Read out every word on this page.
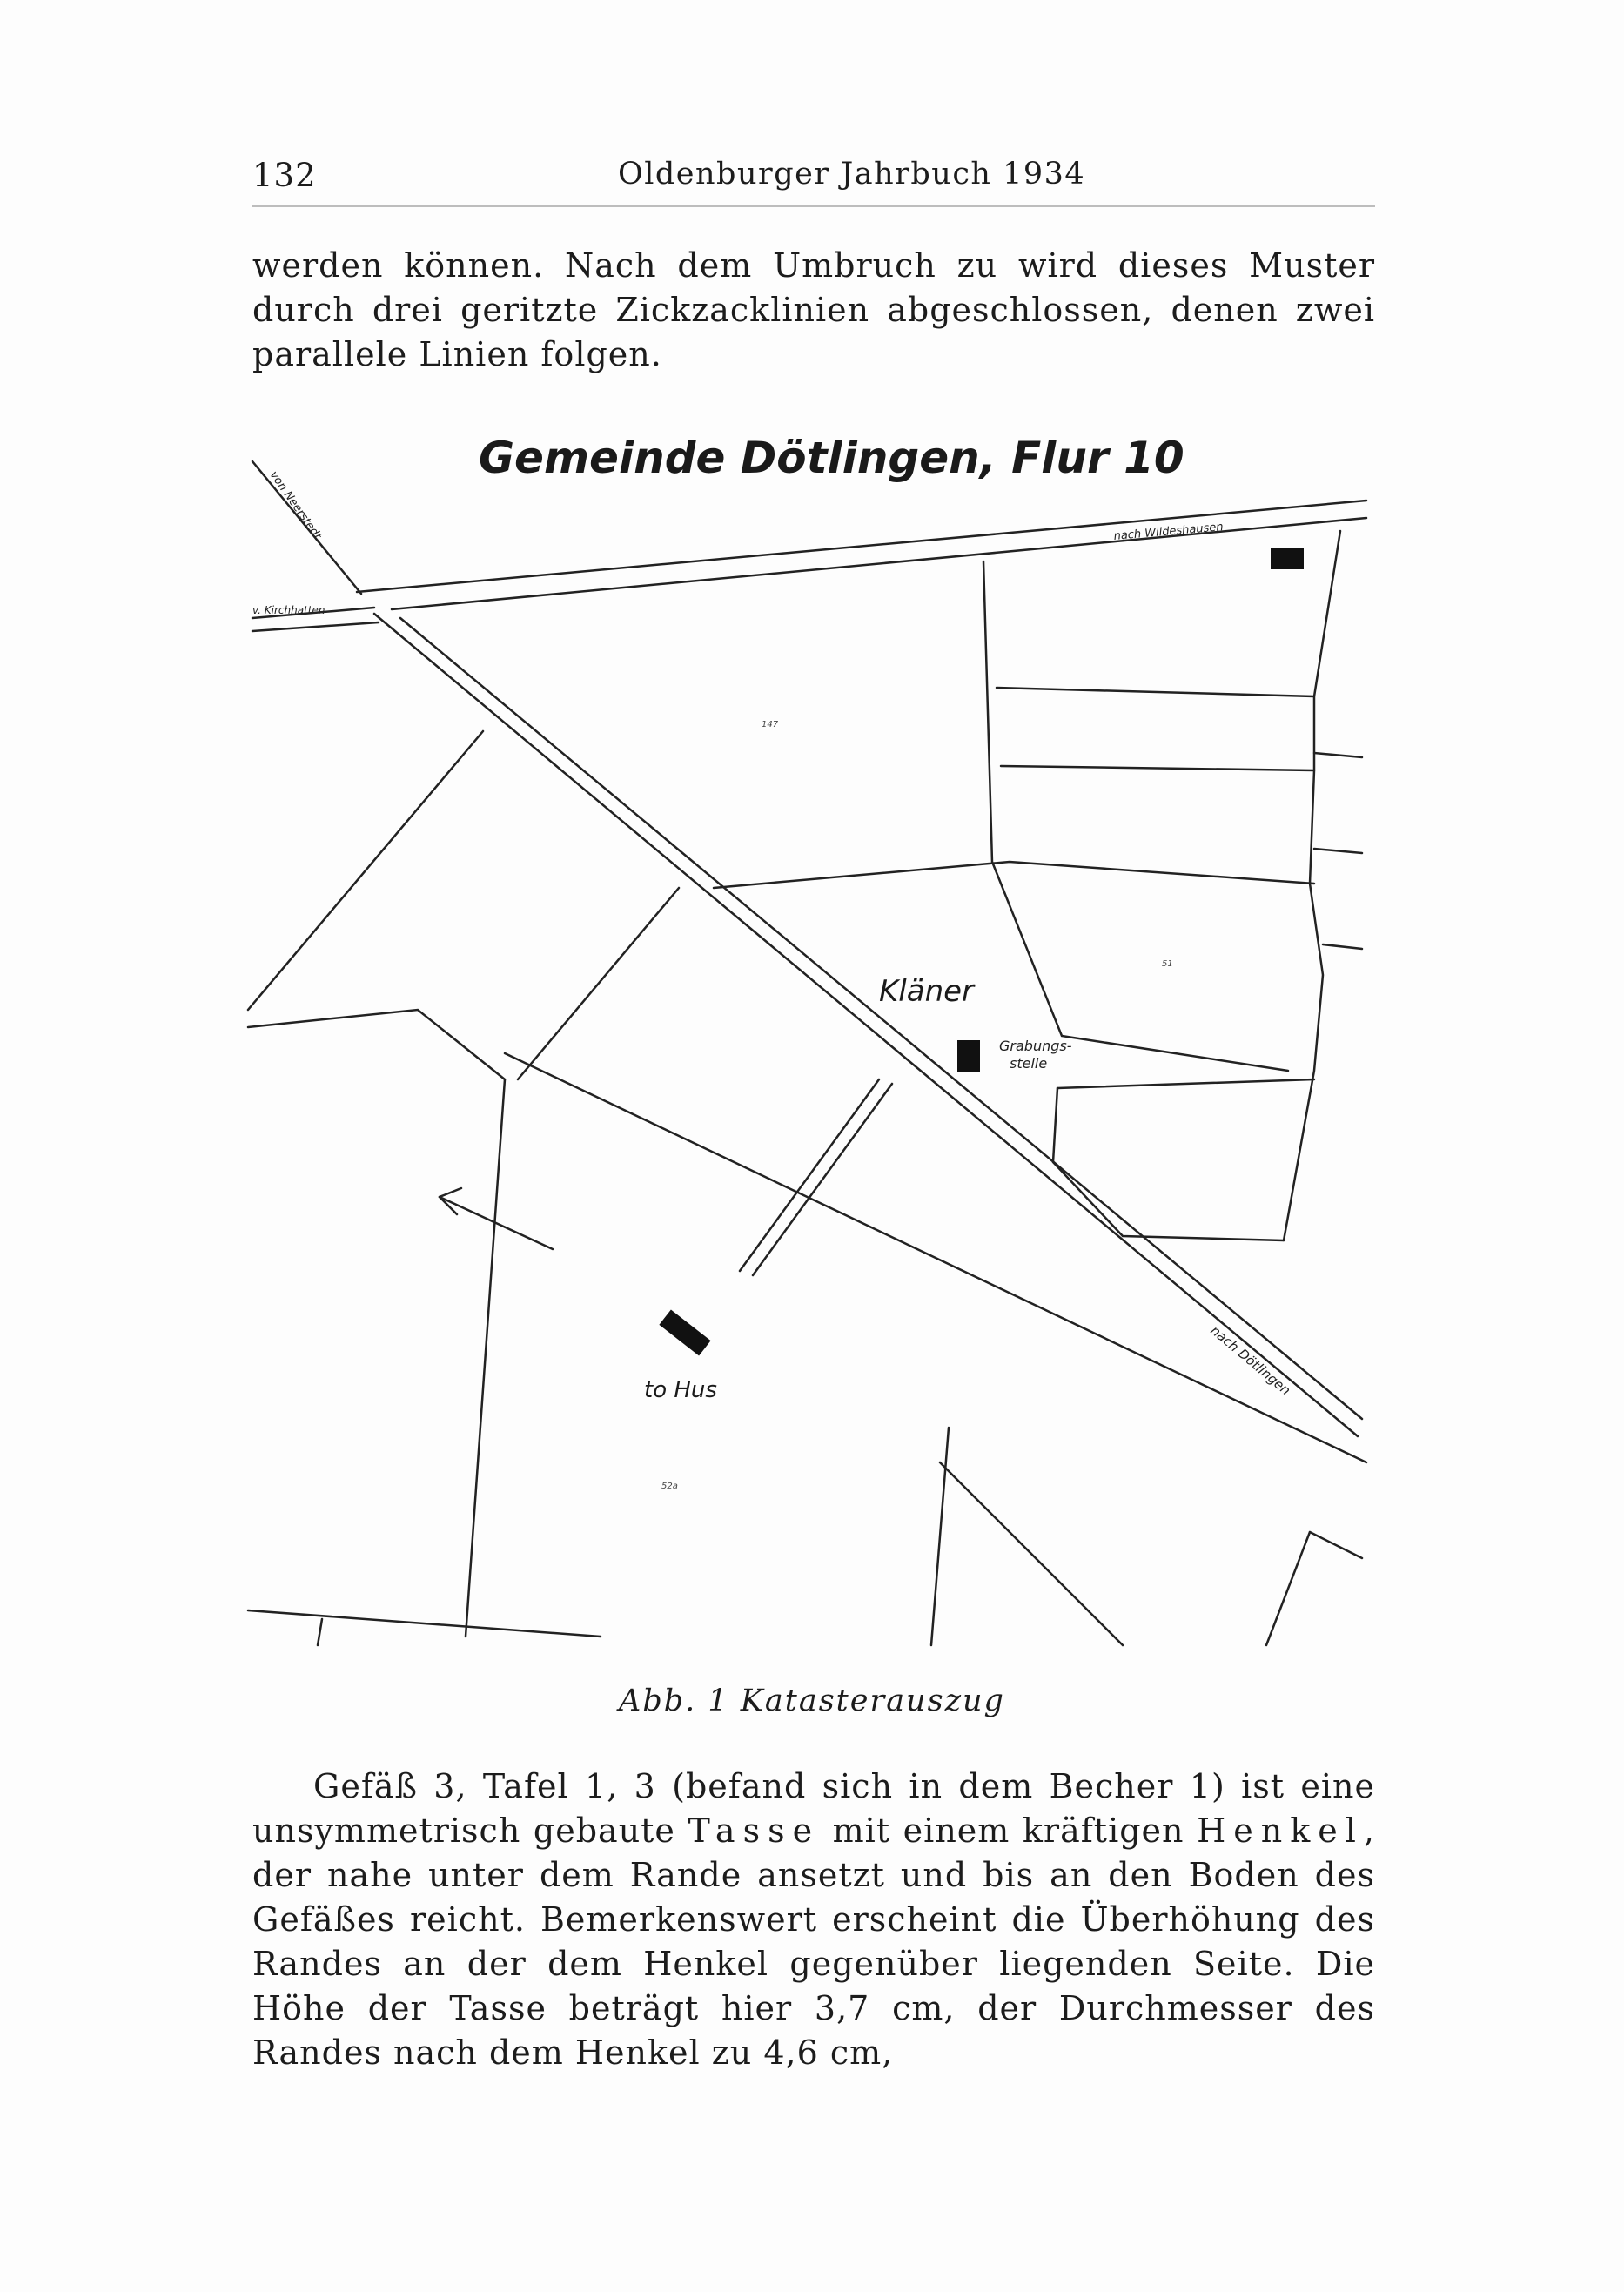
132	Oldenburger Jahrbuch 1934

werden können. Nach dem Umbruch zu wird dieses Muster durch drei geritzte Zickzacklinien abgeschlossen, denen zwei parallele Linien folgen.

Gemeinde Dötlingen, Flur 10
von Neerstedt
v. Kirchhatten
nach Wildeshausen
Kläner
Grabungs-
stelle
to Hus	nach Dötlingen
147
51
52a
Abb. 1 Katasterauszug

Gefäß 3, Tafel 1, 3 (befand sich in dem Becher 1) ist eine unsymmetrisch gebaute Tasse mit einem kräftigen Henkel, der nahe unter dem Rande ansetzt und bis an den Boden des Gefäßes reicht. Bemerkenswert erscheint die Überhöhung des Randes an der dem Henkel gegenüber liegenden Seite. Die Höhe der Tasse beträgt hier 3,7 cm, der Durchmesser des Randes nach dem Henkel zu 4,6 cm,
